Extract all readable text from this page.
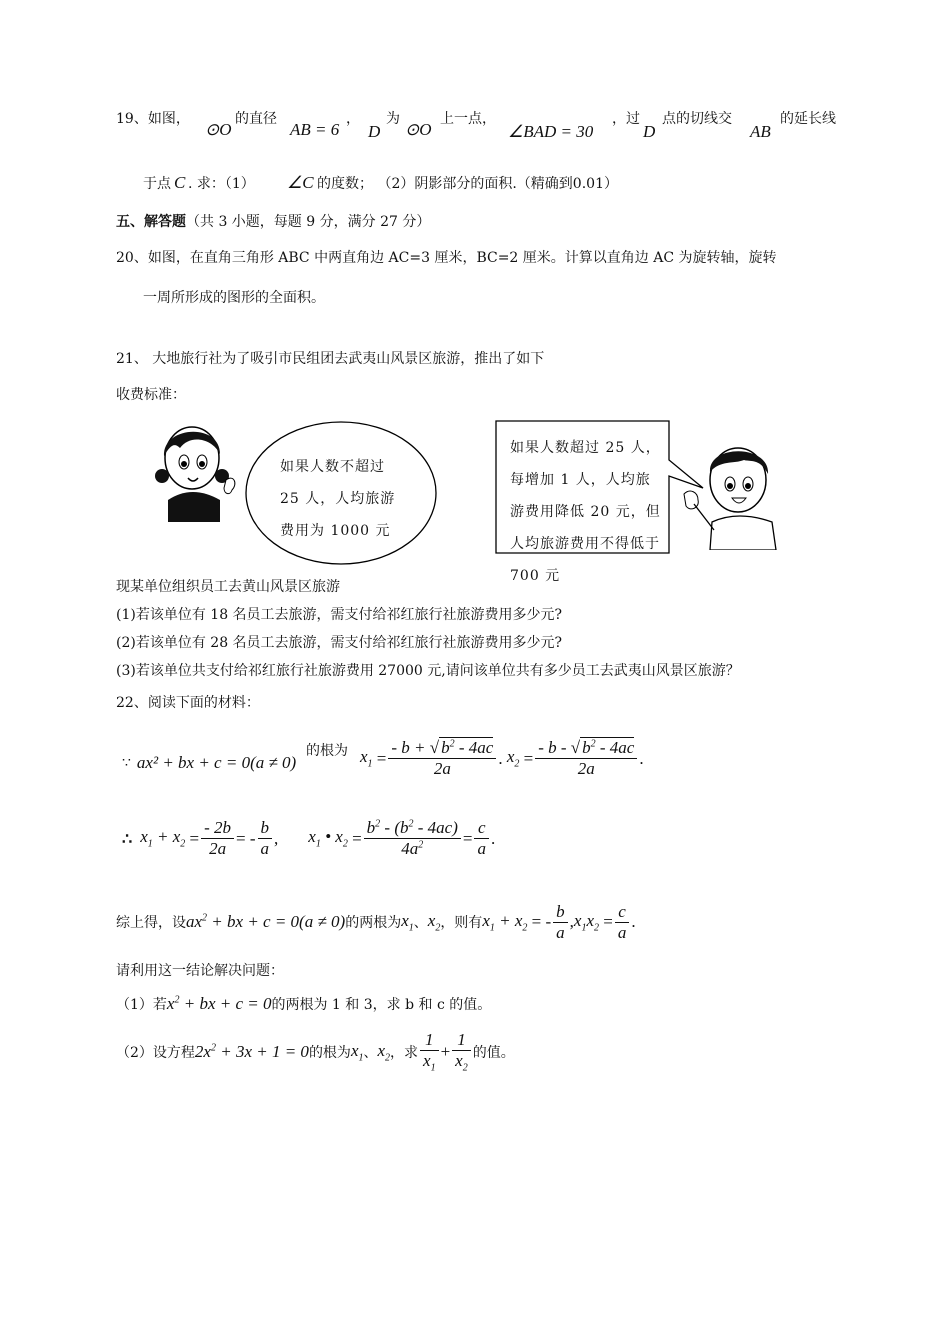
19、如图，
⊙O
的直径
AB = 6
，
D
为
⊙O
上一点，
∠BAD = 30
，过
D
点的切线交
AB
的延长线
于点 C . 求：（1） ∠C 的度数； （2）阴影部分的面积.（精确到0.01）
五、解答题（共 3 小题，每题 9 分，满分 27 分）
20、如图，在直角三角形 ABC 中两直角边 AC=3 厘米，BC=2 厘米。计算以直角边 AC 为旋转轴，旋转
一周所形成的图形的全面积。
21、 大地旅行社为了吸引市民组团去武夷山风景区旅游，推出了如下
收费标准：
如果人数不超过 25 人，人均旅游费用为 1000 元
如果人数超过 25 人，每增加 1 人，人均旅游费用降低 20 元，但人均旅游费用不得低于 700 元
现某单位组织员工去黄山风景区旅游
(1)若该单位有 18 名员工去旅游，需支付给祁红旅行社旅游费用多少元?
(2)若该单位有 28 名员工去旅游，需支付给祁红旅行社旅游费用多少元?
(3)若该单位共支付给祁红旅行社旅游费用 27000 元,请问该单位共有多少员工去武夷山风景区旅游？
22、阅读下面的材料：
∵ ax² + bx + c = 0(a ≠ 0)
的根为 $x_1 = \frac{- b + √ b^2 - 4ac}{2a}$ . $x_2 = \frac{- b - √ b^2 - 4ac}{2a}$ .
∴ $x_1 + x_2 = \frac{- 2b}{2a}$ = - $\frac{b}{a}$ , $x_1$ • $x_2 = \frac{b^2 - (b^2 - 4ac)}{4a^2} = \frac{c}{a}$ .
综上得，设 $ax^2$ + bx + c = 0(a ≠ 0) 的两根为 $x_1$ 、 $x_2$ ，则有 $x_1 + x_2$ = - $\frac{b}{a}$ , $x_1x_2 = \frac{c}{a}$ .
请利用这一结论解决问题：
（1）若 $x^2$ + bx + c = 0 的两根为 1 和 3，求 b 和 c 的值。
（2）设方程 $2x^2 + 3x + 1 = 0$ 的根为 $x_1$ 、 $x_2$ ，求 $\frac{1}{x_1} + \frac{1}{x_2}$ 的值。
